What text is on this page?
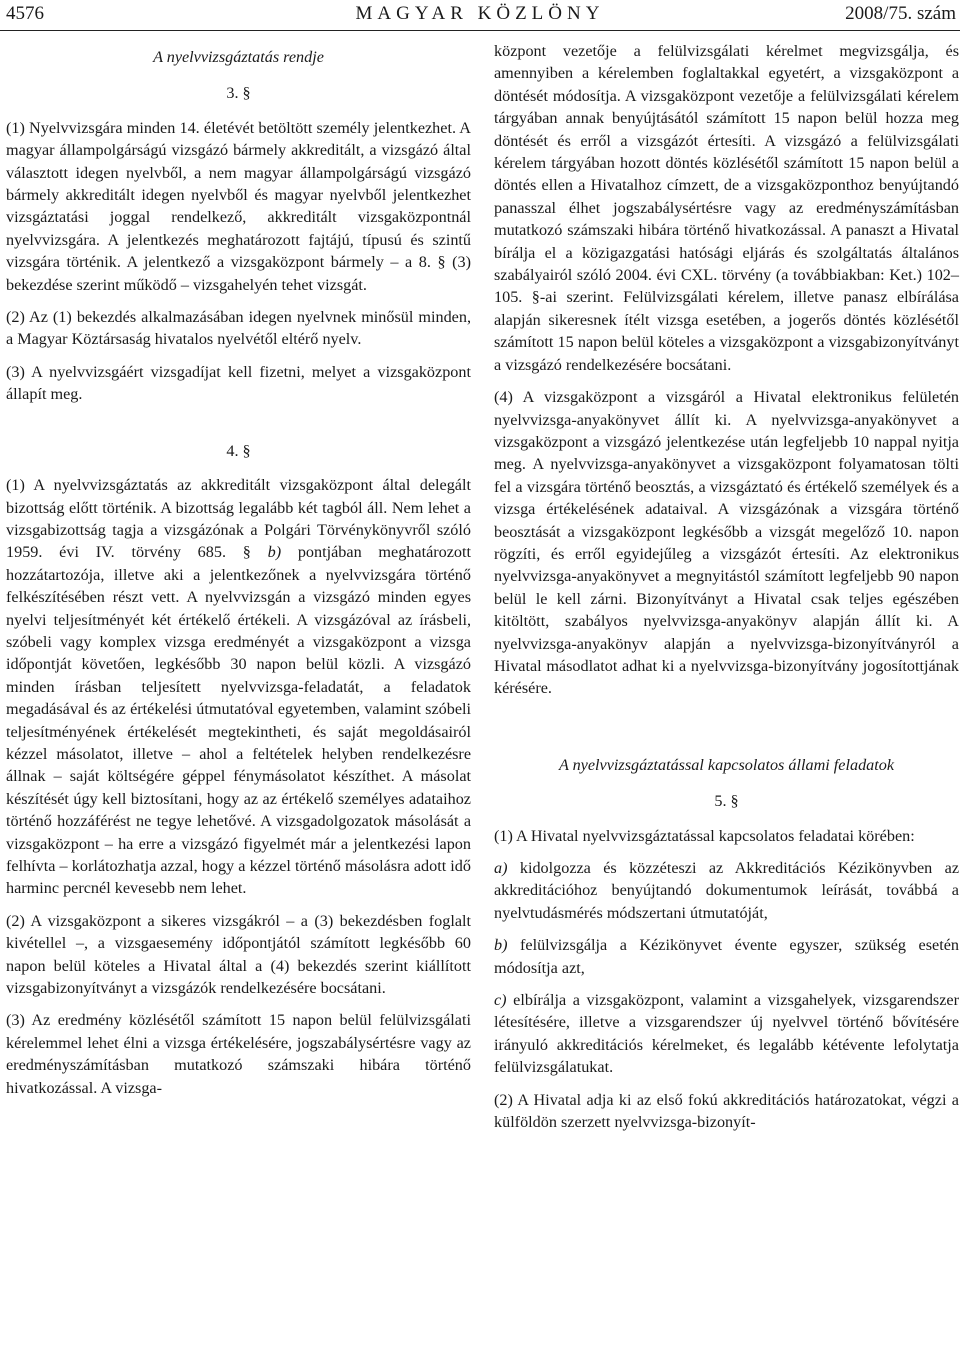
4576	MAGYAR KÖZLÖNY	2008/75. szám
A nyelvvizsgáztatás rendje
3. §

(1) Nyelvvizsgára minden 14. életévét betöltött személy jelentkezhet. A magyar állampolgárságú vizsgázó bármely akkreditált, a vizsgázó által választott idegen nyelvből, a nem magyar állampolgárságú vizsgázó bármely akkreditált idegen nyelvből és magyar nyelvből jelentkezhet vizsgáztatási joggal rendelkező, akkreditált vizsgaközpontnál nyelvvizsgára. A jelentkezés meghatározott fajtájú, típusú és szintű vizsgára történik. A jelentkező a vizsgaközpont bármely – a 8. § (3) bekezdése szerint működő – vizsgahelyén tehet vizsgát.

(2) Az (1) bekezdés alkalmazásában idegen nyelvnek minősül minden, a Magyar Köztársaság hivatalos nyelvétől eltérő nyelv.

(3) A nyelvvizsgáért vizsgadíjat kell fizetni, melyet a vizsgaközpont állapít meg.

4. §

(1) A nyelvvizsgáztatás az akkreditált vizsgaközpont által delegált bizottság előtt történik. A bizottság legalább két tagból áll. Nem lehet a vizsgabizottság tagja a vizsgázónak a Polgári Törvénykönyvről szóló 1959. évi IV. törvény 685. § b) pontjában meghatározott hozzátartozója, illetve aki a jelentkezőnek a nyelvvizsgára történő felkészítésében részt vett. A nyelvvizsgán a vizsgázó minden egyes nyelvi teljesítményét két értékelő értékeli. A vizsgázóval az írásbeli, szóbeli vagy komplex vizsga eredményét a vizsgaközpont a vizsga időpontját követően, legkésőbb 30 napon belül közli. A vizsgázó minden írásban teljesített nyelvvizsga-feladatát, a feladatok megadásával és az értékelési útmutatóval egyetemben, valamint szóbeli teljesítményének értékelését megtekintheti, és saját megoldásairól kézzel másolatot, illetve – ahol a feltételek helyben rendelkezésre állnak – saját költségére géppel fénymásolatot készíthet. A másolat készítését úgy kell biztosítani, hogy az az értékelő személyes adataihoz történő hozzáférést ne tegye lehetővé. A vizsgadolgozatok másolását a vizsgaközpont – ha erre a vizsgázó figyelmét már a jelentkezési lapon felhívta – korlátozhatja azzal, hogy a kézzel történő másolásra adott idő harminc percnél kevesebb nem lehet.

(2) A vizsgaközpont a sikeres vizsgákról – a (3) bekezdésben foglalt kivétellel –, a vizsgaesemény időpontjától számított legkésőbb 60 napon belül köteles a Hivatal által a (4) bekezdés szerint kiállított vizsgabizonyítványt a vizsgázók rendelkezésére bocsátani.

(3) Az eredmény közlésétől számított 15 napon belül felülvizsgálati kérelemmel lehet élni a vizsga értékelésére, jogszabálysértésre vagy az eredményszámításban mutatkozó számszaki hibára történő hivatkozással. A vizsga-

központ vezetője a felülvizsgálati kérelmet megvizsgálja, és amennyiben a kérelemben foglaltakkal egyetért, a vizsgaközpont a döntését módosítja. A vizsgaközpont vezetője a felülvizsgálati kérelem tárgyában annak benyújtásától számított 15 napon belül hozza meg döntését és erről a vizsgázót értesíti. A vizsgázó a felülvizsgálati kérelem tárgyában hozott döntés közlésétől számított 15 napon belül a döntés ellen a Hivatalhoz címzett, de a vizsgaközponthoz benyújtandó panasszal élhet jogszabálysértésre vagy az eredményszámításban mutatkozó számszaki hibára történő hivatkozással. A panaszt a Hivatal bírálja el a közigazgatási hatósági eljárás és szolgáltatás általános szabályairól szóló 2004. évi CXL. törvény (a továbbiakban: Ket.) 102–105. §-ai szerint. Felülvizsgálati kérelem, illetve panasz elbírálása alapján sikeresnek ítélt vizsga esetében, a jogerős döntés közlésétől számított 15 napon belül köteles a vizsgaközpont a vizsgabizonyítványt a vizsgázó rendelkezésére bocsátani.

(4) A vizsgaközpont a vizsgáról a Hivatal elektronikus felületén nyelvvizsga-anyakönyvet állít ki. A nyelvvizsga-anyakönyvet a vizsgaközpont a vizsgázó jelentkezése után legfeljebb 10 nappal nyitja meg. A nyelvvizsga-anyakönyvet a vizsgaközpont folyamatosan tölti fel a vizsgára történő beosztás, a vizsgáztató és értékelő személyek és a vizsga értékelésének adataival. A vizsgázónak a vizsgára történő beosztását a vizsgaközpont legkésőbb a vizsgát megelőző 10. napon rögzíti, és erről egyidejűleg a vizsgázót értesíti. Az elektronikus nyelvvizsga-anyakönyvet a megnyitástól számított legfeljebb 90 napon belül le kell zárni. Bizonyítványt a Hivatal csak teljes egészében kitöltött, szabályos nyelvvizsga-anyakönyv alapján állít ki. A nyelvvizsga-anyakönyv alapján a nyelvvizsga-bizonyítványról a Hivatal másodlatot adhat ki a nyelvvizsga-bizonyítvány jogosítottjának kérésére.

A nyelvvizsgáztatással kapcsolatos állami feladatok
5. §

(1) A Hivatal nyelvvizsgáztatással kapcsolatos feladatai körében:

a) kidolgozza és közzéteszi az Akkreditációs Kézikönyvben az akkreditációhoz benyújtandó dokumentumok leírását, továbbá a nyelvtudásmérés módszertani útmutatóját,

b) felülvizsgálja a Kézikönyvet évente egyszer, szükség esetén módosítja azt,

c) elbírálja a vizsgaközpont, valamint a vizsgahelyek, vizsgarendszer létesítésére, illetve a vizsgarendszer új nyelvvel történő bővítésére irányuló akkreditációs kérelmeket, és legalább kétévente lefolytatja felülvizsgálatukat.

(2) A Hivatal adja ki az első fokú akkreditációs határozatokat, végzi a külföldön szerzett nyelvvizsga-bizonyít-
